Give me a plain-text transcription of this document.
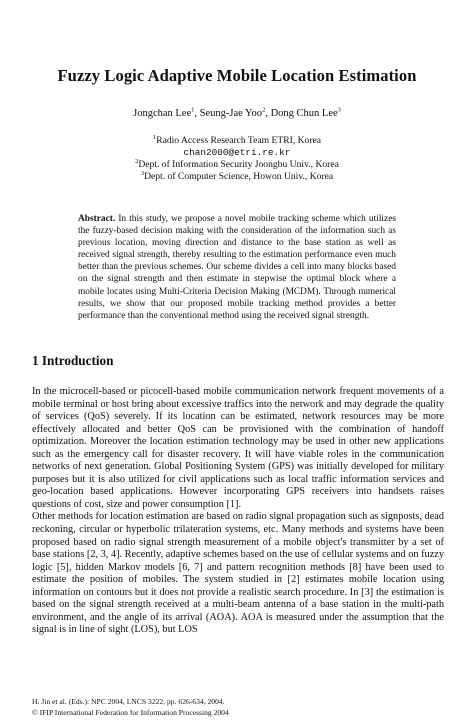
Fuzzy Logic Adaptive Mobile Location Estimation
Jongchan Lee$^1$, Seung-Jae Yoo$^2$, Dong Chun Lee$^3$
$^1$Radio Access Research Team ETRI, Korea
chan2000@etri.re.kr
$^2$Dept. of Information Security Joongbu Univ., Korea
$^3$Dept. of Computer Science, Howon Univ., Korea
Abstract. In this study, we propose a novel mobile tracking scheme which utilizes the fuzzy-based decision making with the consideration of the information such as previous location, moving direction and distance to the base station as well as received signal strength, thereby resulting to the estimation performance even much better than the previous schemes. Our scheme divides a cell into many blocks based on the signal strength and then estimate in stepwise the optimal block where a mobile locates using Multi-Criteria Decision Making (MCDM). Through numerical results, we show that our proposed mobile tracking method provides a better performance than the conventional method using the received signal strength.
1 Introduction

In the microcell-based or picocell-based mobile communication network frequent movements of a mobile terminal or host bring about excessive traffics into the network and may degrade the quality of services (QoS) severely. If its location can be estimated, network resources may be more effectively allocated and better QoS can be provisioned with the combination of handoff optimization. Moreover the location estimation technology may be used in other new applications such as the emergency call for disaster recovery. It will have viable roles in the communication networks of next generation. Global Positioning System (GPS) was initially developed for military purposes but it is also utilized for civil applications such as local traffic information services and geo-location based applications. However incorporating GPS receivers into handsets raises questions of cost, size and power consumption [1].

Other methods for location estimation are based on radio signal propagation such as signposts, dead reckoning, circular or hyperbolic trilateration systems, etc. Many methods and systems have been proposed based on radio signal strength measurement of a mobile object's transmitter by a set of base stations [2, 3, 4]. Recently, adaptive schemes based on the use of cellular systems and on fuzzy logic [5], hidden Markov models [6, 7] and pattern recognition methods [8] have been used to estimate the position of mobiles. The system studied in [2] estimates mobile location using information on contours but it does not provide a realistic search procedure. In [3] the estimation is based on the signal strength received at a multi-beam antenna of a base station in the multi-path environment, and the angle of its arrival (AOA). AOA is measured under the assumption that the signal is in line of sight (LOS), but LOS

H. Jin et al. (Eds.): NPC 2004, LNCS 3222, pp. 626-634, 2004.
© IFIP International Federation for Information Processing 2004
